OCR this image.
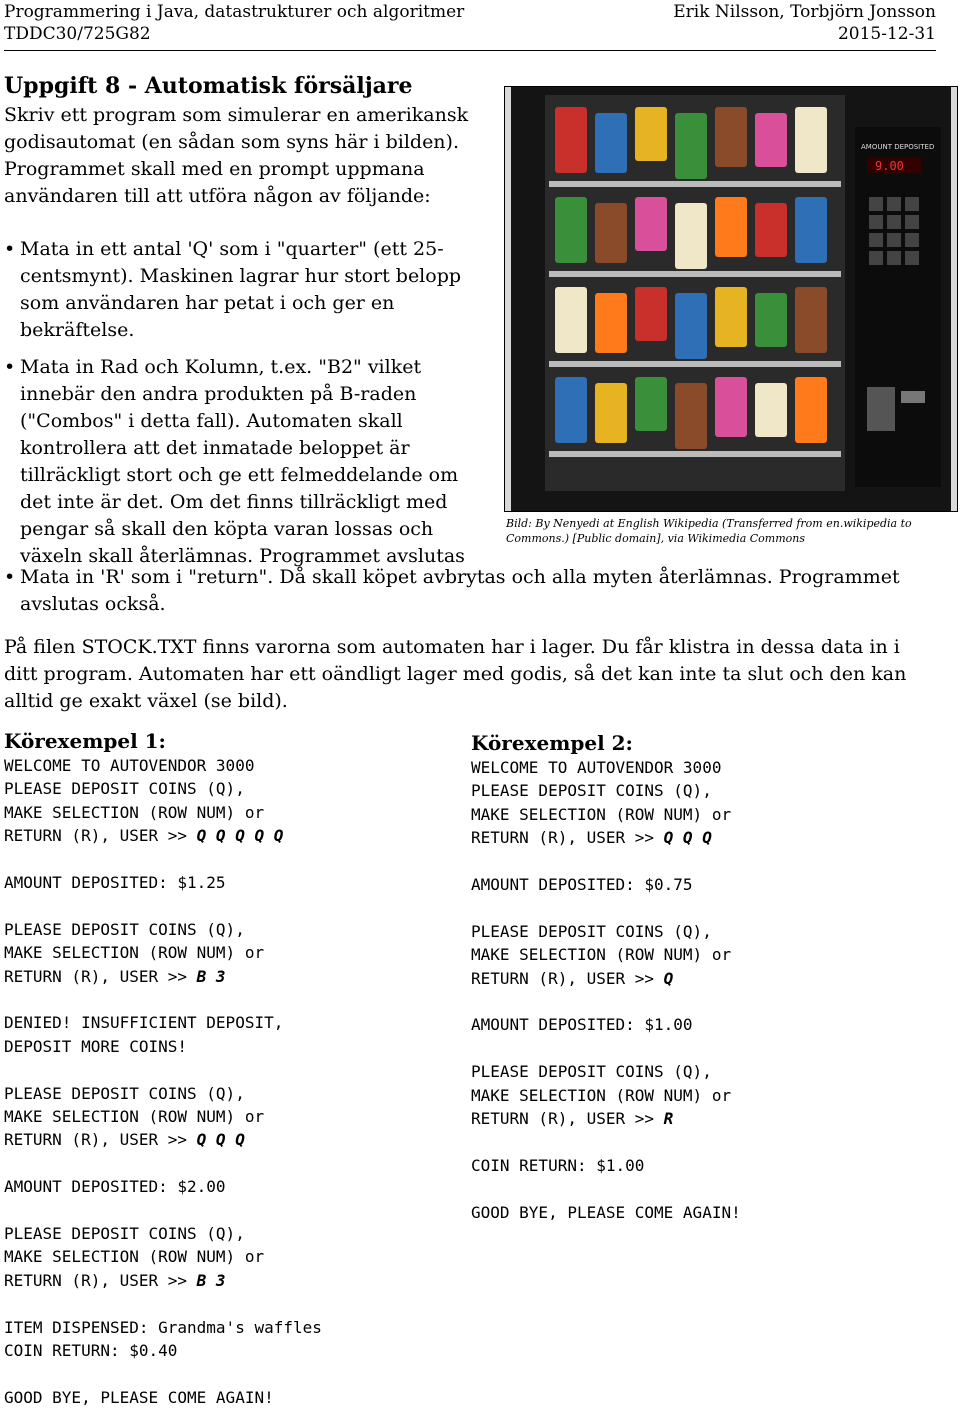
Programmering i Java, datastrukturer och algoritmer	Erik Nilsson, Torbjörn Jonsson
TDDC30/725G82	2015-12-31
Uppgift 8 - Automatisk försäljare

Skriv ett program som simulerar en amerikansk godisautomat (en sådan som syns här i bilden). Programmet skall med en prompt uppmana användaren till att utföra någon av följande:

• Mata in ett antal 'Q' som i "quarter" (ett 25-centsmynt). Maskinen lagrar hur stort belopp som användaren har petat i och ger en bekräftelse.
• Mata in Rad och Kolumn, t.ex. "B2" vilket innebär den andra produkten på B-raden ("Combos" i detta fall). Automaten skall kontrollera att det inmatade beloppet är tillräckligt stort och ge ett felmeddelande om det inte är det. Om det finns tillräckligt med pengar så skall den köpta varan lossas och växeln skall återlämnas. Programmet avslutas
AMOUNT DEPOSITED
9.00
Bild: By Nenyedi at English Wikipedia (Transferred from en.wikipedia to Commons.) [Public domain], via Wikimedia Commons
• Mata in 'R' som i "return". Då skall köpet avbrytas och alla myten återlämnas. Programmet avslutas också.

På filen STOCK.TXT finns varorna som automaten har i lager. Du får klistra in dessa data in i ditt program. Automaten har ett oändligt lager med godis, så det kan inte ta slut och den kan alltid ge exakt växel (se bild).

Körexempel 1:
WELCOME TO AUTOVENDOR 3000
PLEASE DEPOSIT COINS (Q),
MAKE SELECTION (ROW NUM) or
RETURN (R), USER >> Q Q Q Q Q
AMOUNT DEPOSITED: $1.25
PLEASE DEPOSIT COINS (Q),
MAKE SELECTION (ROW NUM) or
RETURN (R), USER >> B 3
DENIED! INSUFFICIENT DEPOSIT,
DEPOSIT MORE COINS!
PLEASE DEPOSIT COINS (Q),
MAKE SELECTION (ROW NUM) or
RETURN (R), USER >> Q Q Q
AMOUNT DEPOSITED: $2.00
PLEASE DEPOSIT COINS (Q),
MAKE SELECTION (ROW NUM) or
RETURN (R), USER >> B 3
ITEM DISPENSED: Grandma's waffles
COIN RETURN: $0.40
GOOD BYE, PLEASE COME AGAIN!
Körexempel 2:
WELCOME TO AUTOVENDOR 3000
PLEASE DEPOSIT COINS (Q),
MAKE SELECTION (ROW NUM) or
RETURN (R), USER >> Q Q Q
AMOUNT DEPOSITED: $0.75
PLEASE DEPOSIT COINS (Q),
MAKE SELECTION (ROW NUM) or
RETURN (R), USER >> Q
AMOUNT DEPOSITED: $1.00
PLEASE DEPOSIT COINS (Q),
MAKE SELECTION (ROW NUM) or
RETURN (R), USER >> R
COIN RETURN: $1.00
GOOD BYE, PLEASE COME AGAIN!
